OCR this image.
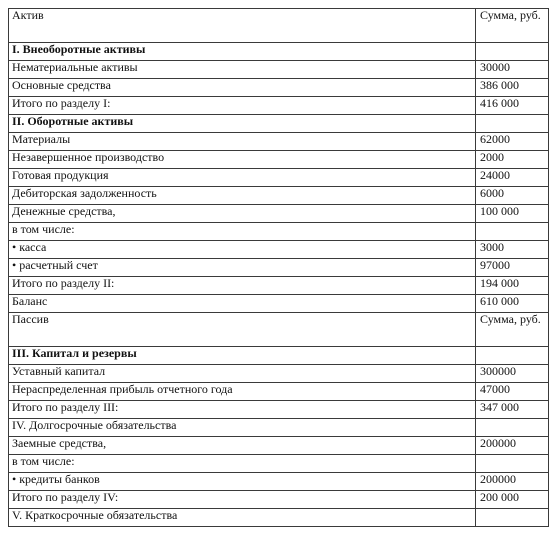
Актив	Сумма, руб.
I. Внеоборотные активы	
Нематериальные активы	30000
Основные средства	386 000
Итого по разделу I:	416 000
II. Оборотные активы	
Материалы	62000
Незавершенное производство	2000
Готовая продукция	24000
Дебиторская задолженность	6000
Денежные средства,	100 000
в том числе:	
• касса	3000
• расчетный счет	97000
Итого по разделу II:	194 000
Баланс	610 000
Пассив	Сумма, руб.
III. Капитал и резервы	
Уставный капитал	300000
Нераспределенная прибыль отчетного года	47000
Итого по разделу III:	347 000
IV. Долгосрочные обязательства	
Заемные средства,	200000
в том числе:	
• кредиты банков	200000
Итого по разделу IV:	200 000
V. Краткосрочные обязательства	
